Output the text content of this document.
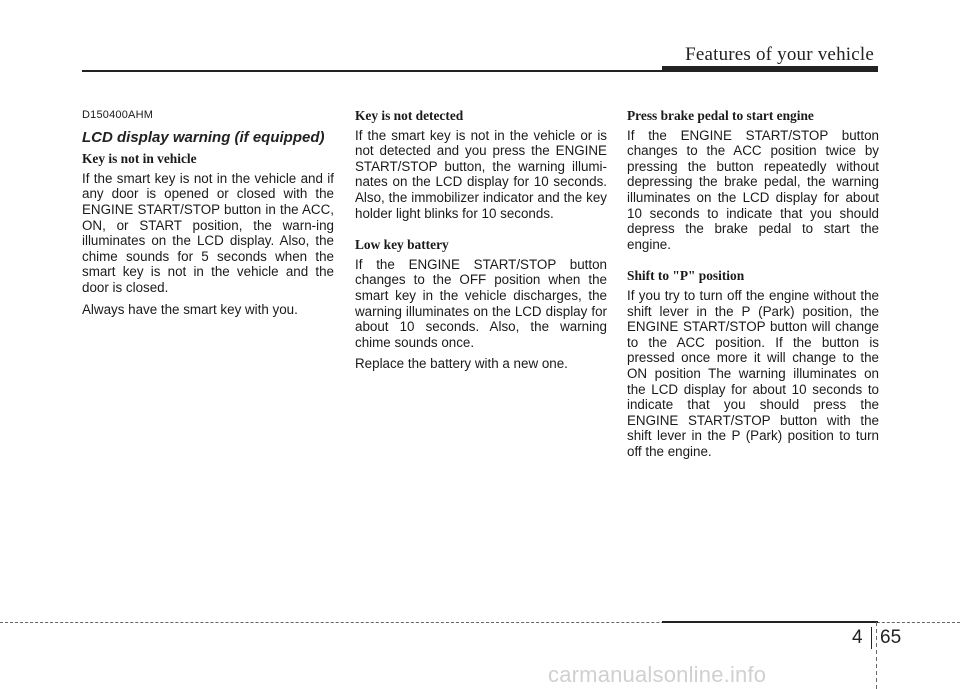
Features of your vehicle
D150400AHM
LCD display warning (if equipped)
Key is not in vehicle

If the smart key is not in the vehicle and if any door is opened or closed with the ENGINE START/STOP button in the ACC, ON, or START position, the warn-ing illuminates on the LCD display. Also, the chime sounds for 5 seconds when the smart key is not in the vehicle and the door is closed.

Always have the smart key with you.

Key is not detected

If the smart key is not in the vehicle or is not detected and you press the ENGINE START/STOP button, the warning illumi-nates on the LCD display for 10 seconds. Also, the immobilizer indicator and the key holder light blinks for 10 seconds.

Low key battery

If the ENGINE START/STOP button changes to the OFF position when the smart key in the vehicle discharges, the warning illuminates on the LCD display for about 10 seconds. Also, the warning chime sounds once.

Replace the battery with a new one.

Press brake pedal to start engine

If the ENGINE START/STOP button changes to the ACC position twice by pressing the button repeatedly without depressing the brake pedal, the warning illuminates on the LCD display for about 10 seconds to indicate that you should depress the brake pedal to start the engine.

Shift to "P" position

If you try to turn off the engine without the shift lever in the P (Park) position, the ENGINE START/STOP button will change to the ACC position. If the button is pressed once more it will change to the ON position The warning illuminates on the LCD display for about 10 seconds to indicate that you should press the ENGINE START/STOP button with the shift lever in the P (Park) position to turn off the engine.

4 65
carmanualsonline.info
